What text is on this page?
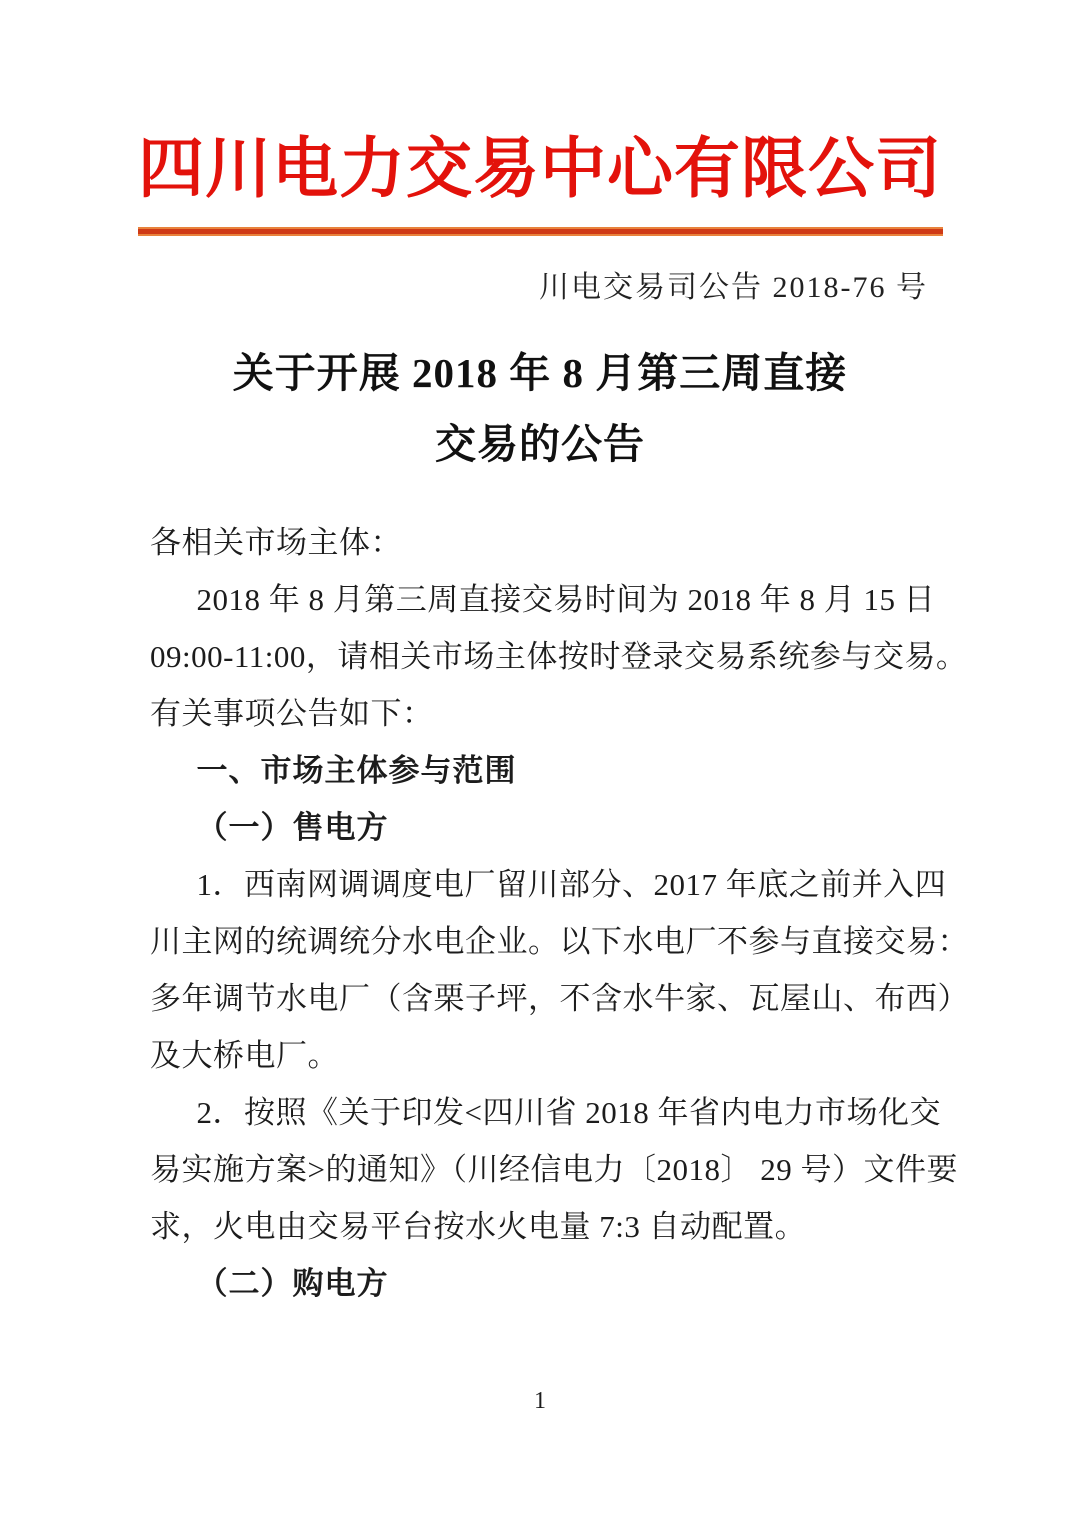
四川电力交易中心有限公司
川电交易司公告 2018-76 号
关于开展 2018 年 8 月第三周直接
交易的公告
各相关市场主体：
2018 年 8 月第三周直接交易时间为 2018 年 8 月 15 日
09:00-11:00，请相关市场主体按时登录交易系统参与交易。
有关事项公告如下：
一、市场主体参与范围
（一）售电方
1．西南网调调度电厂留川部分、2017 年底之前并入四
川主网的统调统分水电企业。以下水电厂不参与直接交易：
多年调节水电厂（含栗子坪，不含水牛家、瓦屋山、布西）
及大桥电厂。
2．按照《关于印发<四川省 2018 年省内电力市场化交
易实施方案>的通知》（川经信电力〔2018〕 29 号）文件要
求，火电由交易平台按水火电量 7:3 自动配置。
（二）购电方
1
